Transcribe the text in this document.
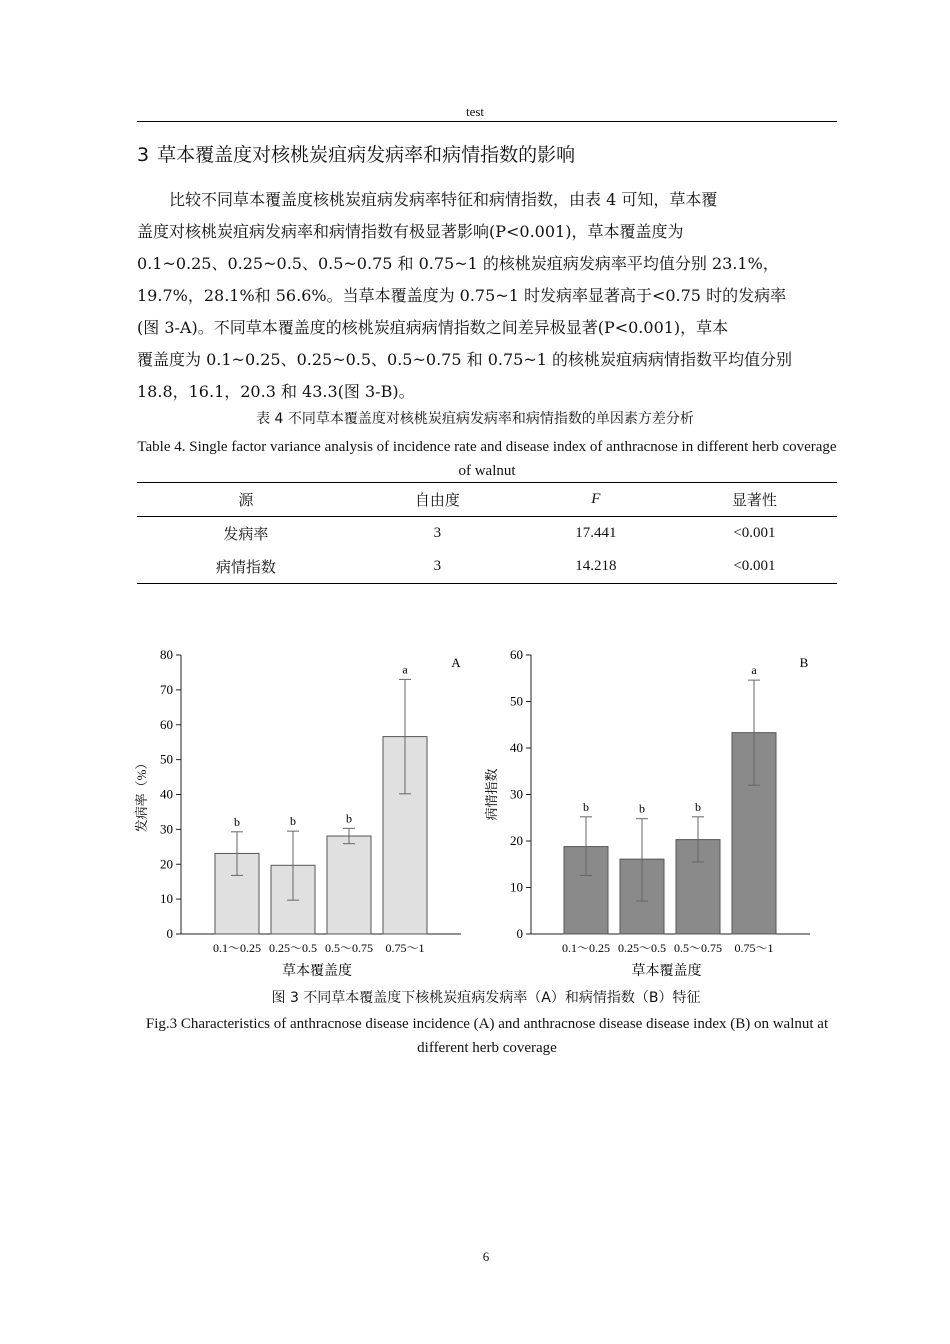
test
3 草本覆盖度对核桃炭疽病发病率和病情指数的影响
比较不同草本覆盖度核桃炭疽病发病率特征和病情指数，由表 4 可知，草本覆
盖度对核桃炭疽病发病率和病情指数有极显著影响(P<0.001)，草本覆盖度为
0.1~0.25、0.25~0.5、0.5~0.75 和 0.75~1 的核桃炭疽病发病率平均值分别 23.1%，
19.7%，28.1%和 56.6%。当草本覆盖度为 0.75~1 时发病率显著高于<0.75 时的发病率
(图 3-A)。不同草本覆盖度的核桃炭疽病病情指数之间差异极显著(P<0.001)，草本
覆盖度为 0.1~0.25、0.25~0.5、0.5~0.75 和 0.75~1 的核桃炭疽病病情指数平均值分别
18.8，16.1，20.3 和 43.3(图 3-B)。
表 4 不同草本覆盖度对核桃炭疽病发病率和病情指数的单因素方差分析
Table 4. Single factor variance analysis of incidence rate and disease index of anthracnose in different herb coverage of walnut
源	自由度	F	显著性
发病率	3	17.441	<0.001
病情指数	3	14.218	<0.001
0
10
20
30
40
50
60
70
80
b
0.1～0.25
b
0.25～0.5
b
0.5～0.75
a
0.75～1
A
草本覆盖度
发病率（%）
0
10
20
30
40
50
60
b
0.1～0.25
b
0.25～0.5
b
0.5～0.75
a
0.75～1
B
草本覆盖度
病情指数
图 3 不同草本覆盖度下核桃炭疽病发病率（A）和病情指数（B）特征
Fig.3 Characteristics of anthracnose disease incidence (A) and anthracnose disease disease index (B) on walnut at different herb coverage
6
